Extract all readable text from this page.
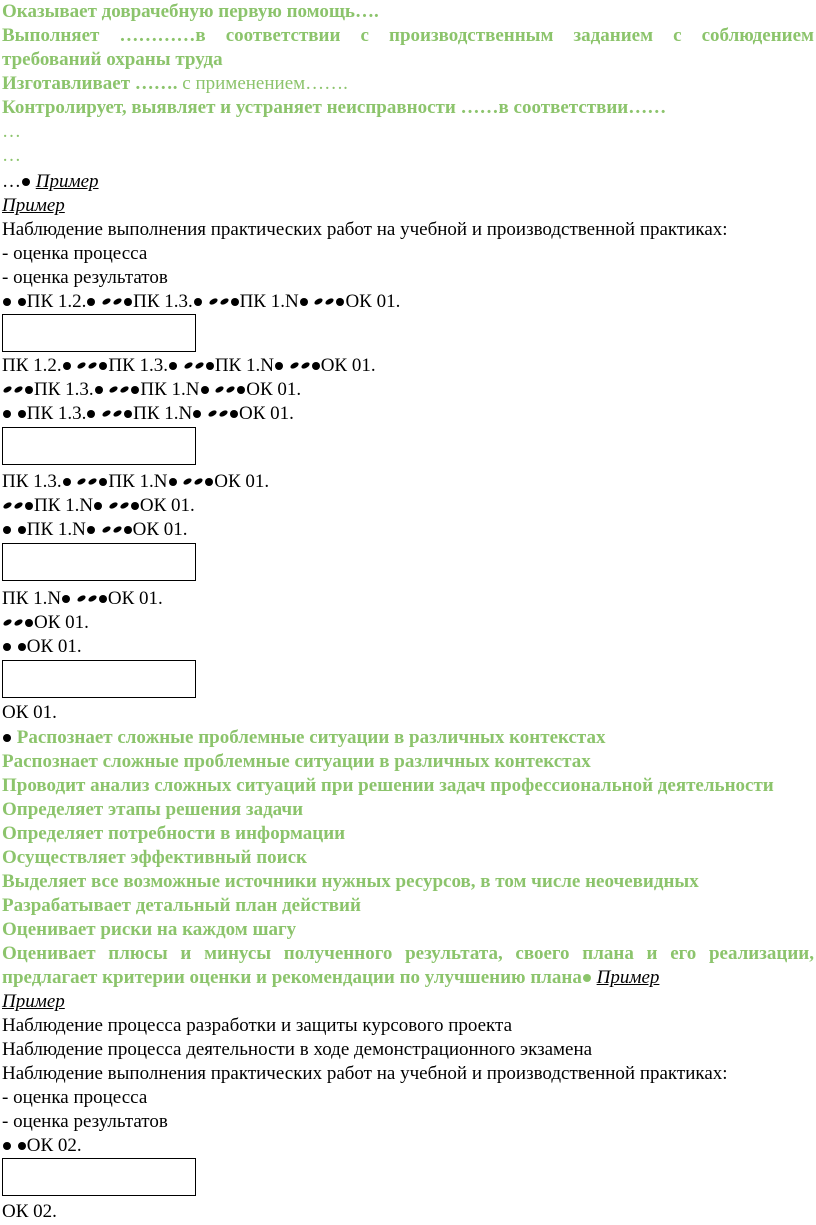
Оказывает доврачебную первую помощь….
Выполняет …………в соответствии с производственным заданием с соблюдением
требований охраны труда
Изготавливает ……. с применением…….
Контролирует, выявляет и устраняет неисправности ……в соответствии……
…
…
… Пример
Пример
Наблюдение выполнения практических работ на учебной и производственной практиках:
- оценка процесса
- оценка результатов
ПК 1.2. ПК 1.3. ПК 1.N ОК 01.
ПК 1.2. ПК 1.3. ПК 1.N ОК 01.
ПК 1.3. ПК 1.N ОК 01.
ПК 1.3. ПК 1.N ОК 01.
ПК 1.3. ПК 1.N ОК 01.
ПК 1.N ОК 01.
ПК 1.N ОК 01.
ПК 1.N ОК 01.
ОК 01.
ОК 01.
ОК 01.
Распознает сложные проблемные ситуации в различных контекстах
Распознает сложные проблемные ситуации в различных контекстах
Проводит анализ сложных ситуаций при решении задач профессиональной деятельности
Определяет этапы решения задачи
Определяет потребности в информации
Осуществляет эффективный поиск
Выделяет все возможные источники нужных ресурсов, в том числе неочевидных
Разрабатывает детальный план действий
Оценивает риски на каждом шагу
Оценивает плюсы и минусы полученного результата, своего плана и его реализации,
предлагает критерии оценки и рекомендации по улучшению плана Пример
Пример
Наблюдение процесса разработки и защиты курсового проекта
Наблюдение процесса деятельности в ходе демонстрационного экзамена
Наблюдение выполнения практических работ на учебной и производственной практиках:
- оценка процесса
- оценка результатов
ОК 02.
ОК 02.
